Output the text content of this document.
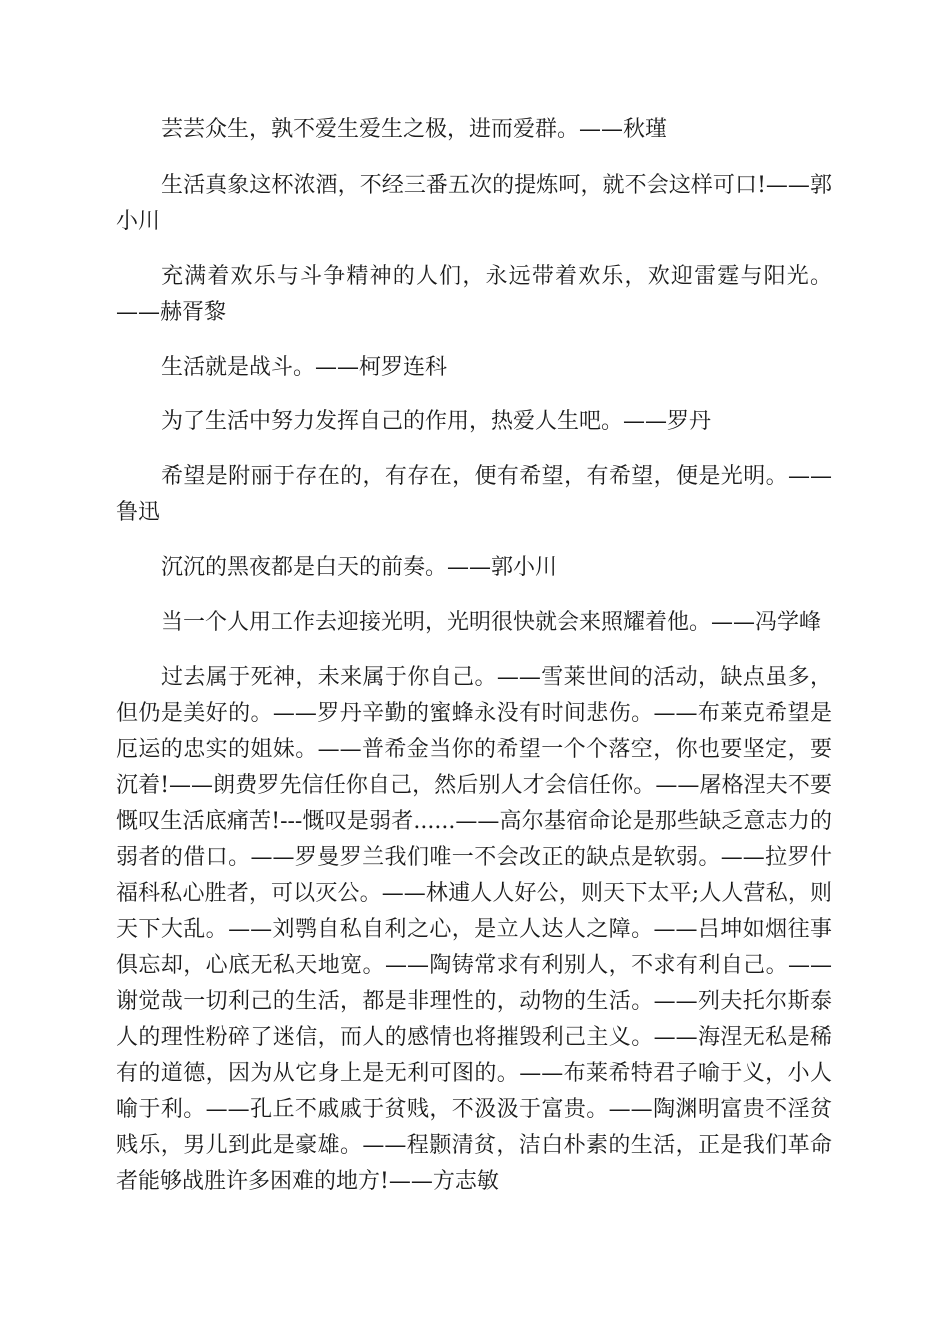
芸芸众生，孰不爱生爱生之极，进而爱群。——秋瑾

生活真象这杯浓酒，不经三番五次的提炼呵，就不会这样可口!——郭小川

充满着欢乐与斗争精神的人们，永远带着欢乐，欢迎雷霆与阳光。——赫胥黎

生活就是战斗。——柯罗连科

为了生活中努力发挥自己的作用，热爱人生吧。——罗丹

希望是附丽于存在的，有存在，便有希望，有希望，便是光明。——鲁迅

沉沉的黑夜都是白天的前奏。——郭小川

当一个人用工作去迎接光明，光明很快就会来照耀着他。——冯学峰

过去属于死神，未来属于你自己。——雪莱世间的活动，缺点虽多，但仍是美好的。——罗丹辛勤的蜜蜂永没有时间悲伤。——布莱克希望是厄运的忠实的姐妹。——普希金当你的希望一个个落空，你也要坚定，要沉着!——朗费罗先信任你自己，然后别人才会信任你。——屠格涅夫不要慨叹生活底痛苦!---慨叹是弱者......——高尔基宿命论是那些缺乏意志力的弱者的借口。——罗曼罗兰我们唯一不会改正的缺点是软弱。——拉罗什福科私心胜者，可以灭公。——林逋人人好公，则天下太平;人人营私，则天下大乱。——刘鹗自私自利之心，是立人达人之障。——吕坤如烟往事俱忘却，心底无私天地宽。——陶铸常求有利别人，不求有利自己。——谢觉哉一切利己的生活，都是非理性的，动物的生活。——列夫托尔斯泰人的理性粉碎了迷信，而人的感情也将摧毁利己主义。——海涅无私是稀有的道德，因为从它身上是无利可图的。——布莱希特君子喻于义，小人喻于利。——孔丘不戚戚于贫贱，不汲汲于富贵。——陶渊明富贵不淫贫贱乐，男儿到此是豪雄。——程颢清贫，洁白朴素的生活，正是我们革命者能够战胜许多困难的地方!——方志敏
